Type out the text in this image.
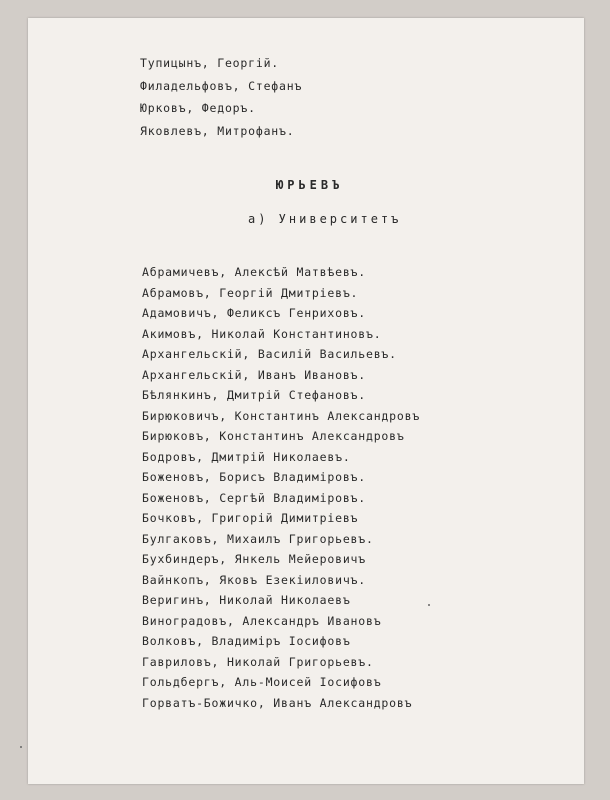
Тупицынъ, Георгій.
Филадельфовъ, Стефанъ
Юрковъ, Федоръ.
Яковлевъ, Митрофанъ.
ЮРЬЕВЪ
а) Университетъ
Абрамичевъ, Алексѣй Матвѣевъ.
Абрамовъ, Георгій Дмитріевъ.
Адамовичъ, Феликсъ Генриховъ.
Акимовъ, Николай Константиновъ.
Архангельскій, Василій Васильевъ.
Архангельскій, Иванъ Ивановъ.
Бѣлянкинъ, Дмитрій Стефановъ.
Бирюковичъ, Константинъ Александровъ
Бирюковъ, Константинъ Александровъ
Бодровъ, Дмитрій Николаевъ.
Боженовъ, Борисъ Владиміровъ.
Боженовъ, Сергѣй Владиміровъ.
Бочковъ, Григорій Димитріевъ
Булгаковъ, Михаилъ Григорьевъ.
Бухбиндеръ, Янкель Мейеровичъ
Вайнкопъ, Яковъ Езекіиловичъ.
Веригинъ, Николай Николаевъ
Виноградовъ, Александръ Ивановъ
Волковъ, Владиміръ Іосифовъ
Гавриловъ, Николай Григорьевъ.
Гольдбергъ, Аль-Моисей Іосифовъ
Горватъ-Божичко, Иванъ Александровъ
